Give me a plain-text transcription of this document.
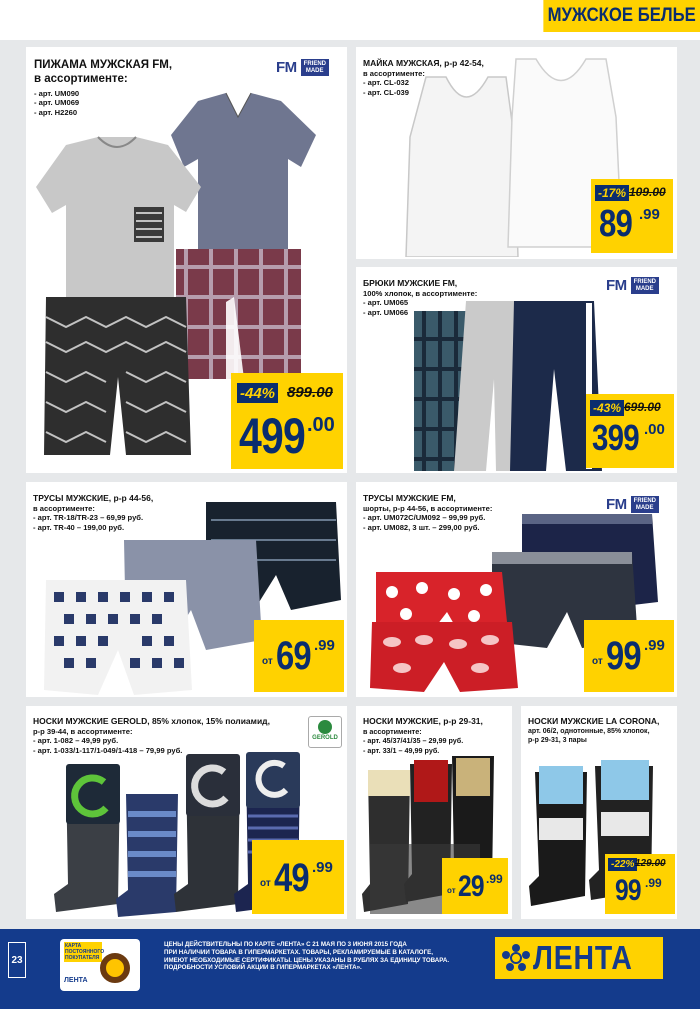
МУЖСКОЕ БЕЛЬЕ
ПИЖАМА МУЖСКАЯ FM,
в ассортименте:
- арт. UM090
- арт. UM069
- арт. H2260
FM	FRIEND MADE
-44% 899.00
499 .00
МАЙКА МУЖСКАЯ, р-р 42-54,
в ассортименте:
- арт. CL-032
- арт. CL-039
-17% 109.00
89 .99
БРЮКИ МУЖСКИЕ FM,
100% хлопок, в ассортименте:
- арт. UM065
- арт. UM066
FM	FRIEND MADE
-43% 699.00
399 .00
ТРУСЫ МУЖСКИЕ, р-р 44-56,
в ассортименте:
- арт. TR-18/TR-23 – 69,99 руб.
- арт. TR-40 – 199,00 руб.
от 69 .99
ТРУСЫ МУЖСКИЕ FM,
шорты, р-р 44-56, в ассортименте:
- арт. UM072C/UM092 – 99,99 руб.
- арт. UM082, 3 шт. – 299,00 руб.
FM	FRIEND MADE
от 99 .99
НОСКИ МУЖСКИЕ GEROLD, 85% хлопок, 15% полиамид,
р-р 39-44, в ассортименте:
- арт. 1-082 – 49,99 руб.
- арт. 1-033/1-117/1-049/1-418 – 79,99 руб.
GEROLD
от 49 .99
НОСКИ МУЖСКИЕ, р-р 29-31,
в ассортименте:
- арт. 45/37/41/35 – 29,99 руб.
- арт. 33/1 – 49,99 руб.
от 29 .99
НОСКИ МУЖСКИЕ LA CORONA,
арт. 06/2, однотонные, 85% хлопок,
р-р 29-31, 3 пары
-22% 129.00
99 .99
23
КАРТА ПОСТОЯННОГО ПОКУПАТЕЛЯ
ЛЕНТА
ЦЕНЫ ДЕЙСТВИТЕЛЬНЫ ПО КАРТЕ «ЛЕНТА» С 21 МАЯ ПО 3 ИЮНЯ 2015 ГОДА
ПРИ НАЛИЧИИ ТОВАРА В ГИПЕРМАРКЕТАХ. ТОВАРЫ, РЕКЛАМИРУЕМЫЕ В КАТАЛОГЕ,
ИМЕЮТ НЕОБХОДИМЫЕ СЕРТИФИКАТЫ. ЦЕНЫ УКАЗАНЫ В РУБЛЯХ ЗА ЕДИНИЦУ ТОВАРА.
ПОДРОБНОСТИ УСЛОВИЙ АКЦИИ В ГИПЕРМАРКЕТАХ «ЛЕНТА».	ЛЕНТА
